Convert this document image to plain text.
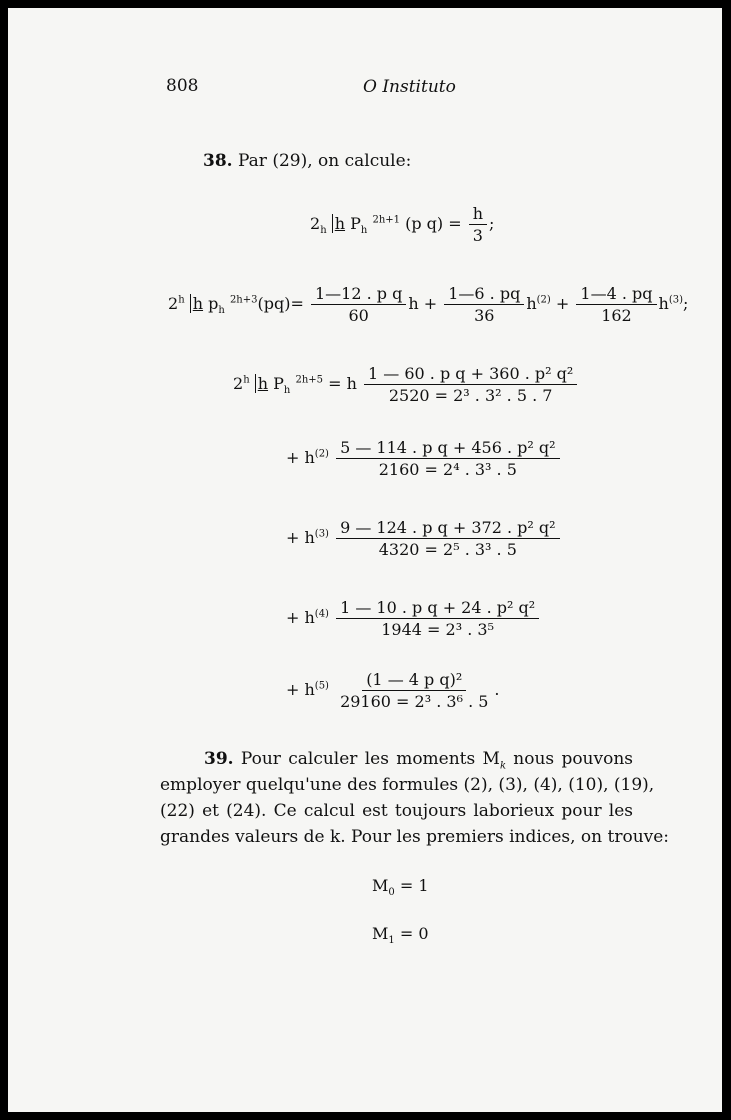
808	O Instituto
38. Par (29), on calcule:
$2_h$ h $P_h$ $^{2h+1}$ (p $q) = \frac{h}{3}$ ;
2$^h$ h $p_h$ $^{2h+3}(pq)= \frac{\text{1—12 . p q}}{60}$ $h + \frac{1—6 . pq}{36} h^{(2)} + \frac{1—4 . pq}{162} h^{(3)}$;
2$^h$ h $P_h$ $^{2h+5}$ = h $\frac{\text{1 — 60 . p q + 360 . p² q²}}{\text{2520 = 2³ . 3² . 5 . 7}}$
+ $h^{(2)} \frac{\text{5 — 114 . p q + 456 . p² q²}}{\text{2160 = 2⁴ . 3³ . 5}}$
+ $h^{(3)} \frac{\text{9 — 124 . p q + 372 . p² q²}}{\text{4320 = 2⁵ . 3³ . 5}}$
+ $h^{(4)} \frac{\text{1 — 10 . p q + 24 . p² q²}}{\text{1944 = 2³ . 3⁵}}$
+ $h^{(5)} \frac{\text{(1 — 4 p q)²}}{\text{29160 = 2³ . 3⁶ . 5}}$ .
39. Pour calculer les moments $M_k$ nous pouvons
employer quelqu'une des formules (2), (3), (4), (10), (19),
(22) et (24). Ce calcul est toujours laborieux pour les
grandes valeurs de k. Pour les premiers indices, on trouve:
$M_0 = 1$
$M_1 = 0$
